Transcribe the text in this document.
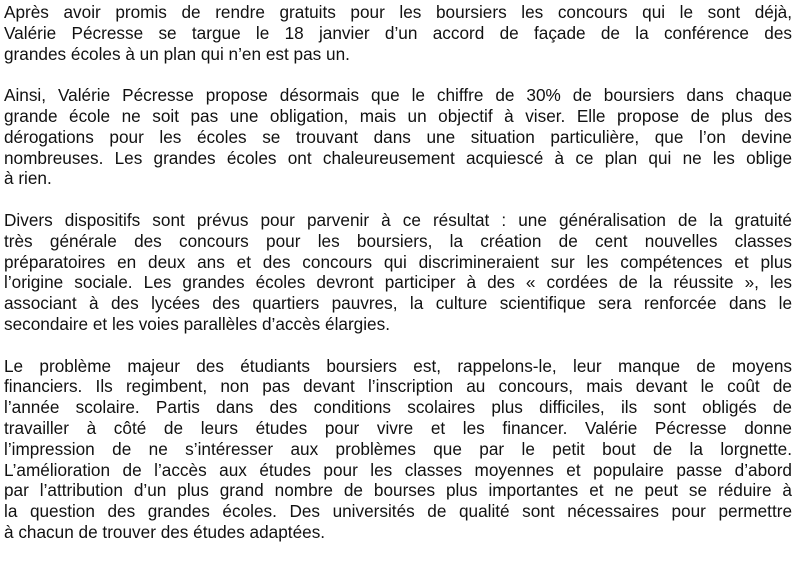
Après avoir promis de rendre gratuits pour les boursiers les concours qui le sont déjà,
Valérie Pécresse se targue le 18 janvier d’un accord de façade de la conférence des
grandes écoles à un plan qui n’en est pas un.
Ainsi, Valérie Pécresse propose désormais que le chiffre de 30% de boursiers dans chaque
grande école ne soit pas une obligation, mais un objectif à viser. Elle propose de plus des
dérogations pour les écoles se trouvant dans une situation particulière, que l’on devine
nombreuses. Les grandes écoles ont chaleureusement acquiescé à ce plan qui ne les oblige
à rien.
Divers dispositifs sont prévus pour parvenir à ce résultat : une généralisation de la gratuité
très générale des concours pour les boursiers, la création de cent nouvelles classes
préparatoires en deux ans et des concours qui discrimineraient sur les compétences et plus
l’origine sociale. Les grandes écoles devront participer à des « cordées de la réussite », les
associant à des lycées des quartiers pauvres, la culture scientifique sera renforcée dans le
secondaire et les voies parallèles d’accès élargies.
Le problème majeur des étudiants boursiers est, rappelons-le, leur manque de moyens
financiers. Ils regimbent, non pas devant l’inscription au concours, mais devant le coût de
l’année scolaire. Partis dans des conditions scolaires plus difficiles, ils sont obligés de
travailler à côté de leurs études pour vivre et les financer. Valérie Pécresse donne
l’impression de ne s’intéresser aux problèmes que par le petit bout de la lorgnette.
L’amélioration de l’accès aux études pour les classes moyennes et populaire passe d’abord
par l’attribution d’un plus grand nombre de bourses plus importantes et ne peut se réduire à
la question des grandes écoles. Des universités de qualité sont nécessaires pour permettre
à chacun de trouver des études adaptées.
